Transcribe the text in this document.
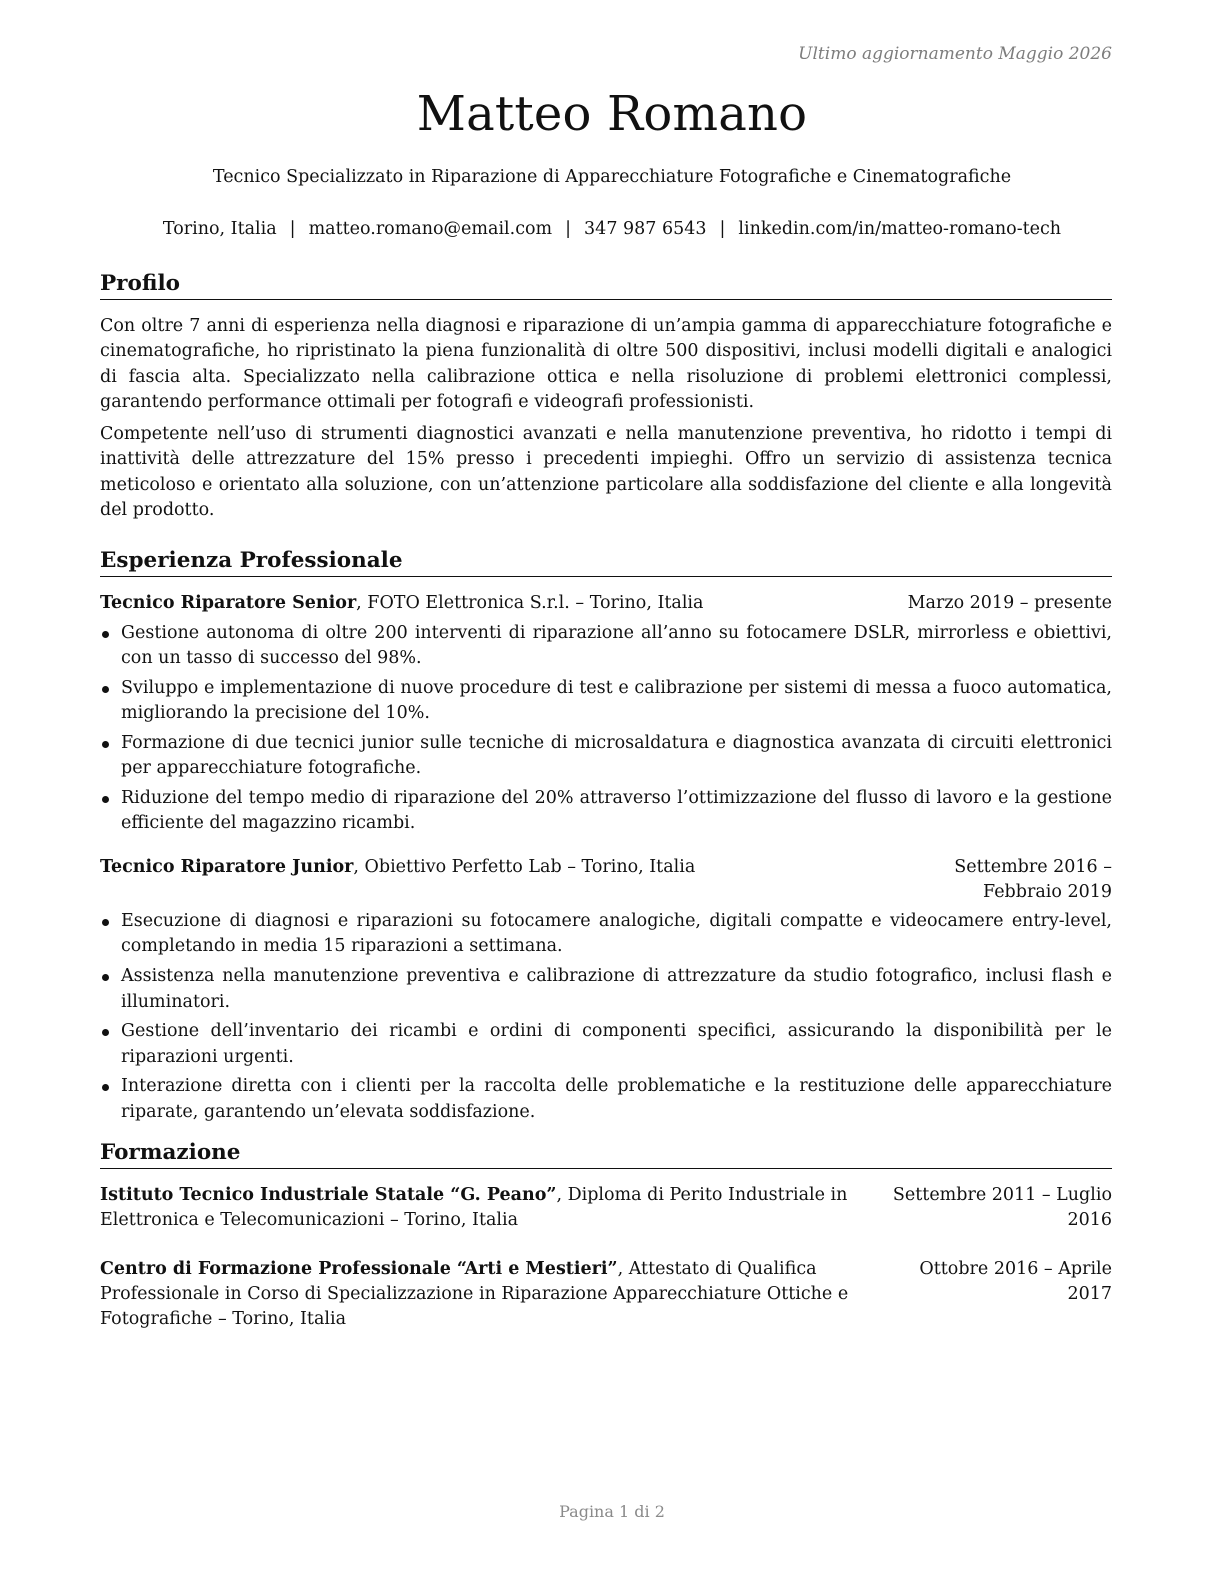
Ultimo aggiornamento Maggio 2026
Matteo Romano
Tecnico Specializzato in Riparazione di Apparecchiature Fotografiche e Cinematografiche
Torino, Italia | matteo.romano@email.com | 347 987 6543 | linkedin.com/in/matteo-romano-tech
Profilo

Con oltre 7 anni di esperienza nella diagnosi e riparazione di un’ampia gamma di apparecchiature fotografiche e cinematografiche, ho ripristinato la piena funzionalità di oltre 500 dispositivi, inclusi modelli digitali e analogici di fascia alta. Specializzato nella calibrazione ottica e nella risoluzione di problemi elettronici complessi, garantendo performance ottimali per fotografi e videografi professionisti.

Competente nell’uso di strumenti diagnostici avanzati e nella manutenzione preventiva, ho ridotto i tempi di inattività delle attrezzature del 15% presso i precedenti impieghi. Offro un servizio di assistenza tecnica meticoloso e orientato alla soluzione, con un’attenzione particolare alla soddisfazione del cliente e alla longevità del prodotto.

Esperienza Professionale
Tecnico Riparatore Senior, FOTO Elettronica S.r.l. – Torino, Italia	Marzo 2019 – presente
Gestione autonoma di oltre 200 interventi di riparazione all’anno su fotocamere DSLR, mirrorless e obiettivi, con un tasso di successo del 98%.
Sviluppo e implementazione di nuove procedure di test e calibrazione per sistemi di messa a fuoco automatica, migliorando la precisione del 10%.
Formazione di due tecnici junior sulle tecniche di microsaldatura e diagnostica avanzata di circuiti elettronici per apparecchiature fotografiche.
Riduzione del tempo medio di riparazione del 20% attraverso l’ottimizzazione del flusso di lavoro e la gestione efficiente del magazzino ricambi.
Tecnico Riparatore Junior, Obiettivo Perfetto Lab – Torino, Italia	Settembre 2016 – Febbraio 2019
Esecuzione di diagnosi e riparazioni su fotocamere analogiche, digitali compatte e videocamere entry-level, completando in media 15 riparazioni a settimana.
Assistenza nella manutenzione preventiva e calibrazione di attrezzature da studio fotografico, inclusi flash e illuminatori.
Gestione dell’inventario dei ricambi e ordini di componenti specifici, assicurando la disponibilità per le riparazioni urgenti.
Interazione diretta con i clienti per la raccolta delle problematiche e la restituzione delle apparecchiature riparate, garantendo un’elevata soddisfazione.
Formazione
Istituto Tecnico Industriale Statale “G. Peano”, Diploma di Perito Industriale in Elettronica e Telecomunicazioni – Torino, Italia
Settembre 2011 – Luglio 2016
Centro di Formazione Professionale “Arti e Mestieri”, Attestato di Qualifica Professionale in Corso di Specializzazione in Riparazione Apparecchiature Ottiche e Fotografiche – Torino, Italia
Ottobre 2016 – Aprile 2017
Pagina 1 di 2
